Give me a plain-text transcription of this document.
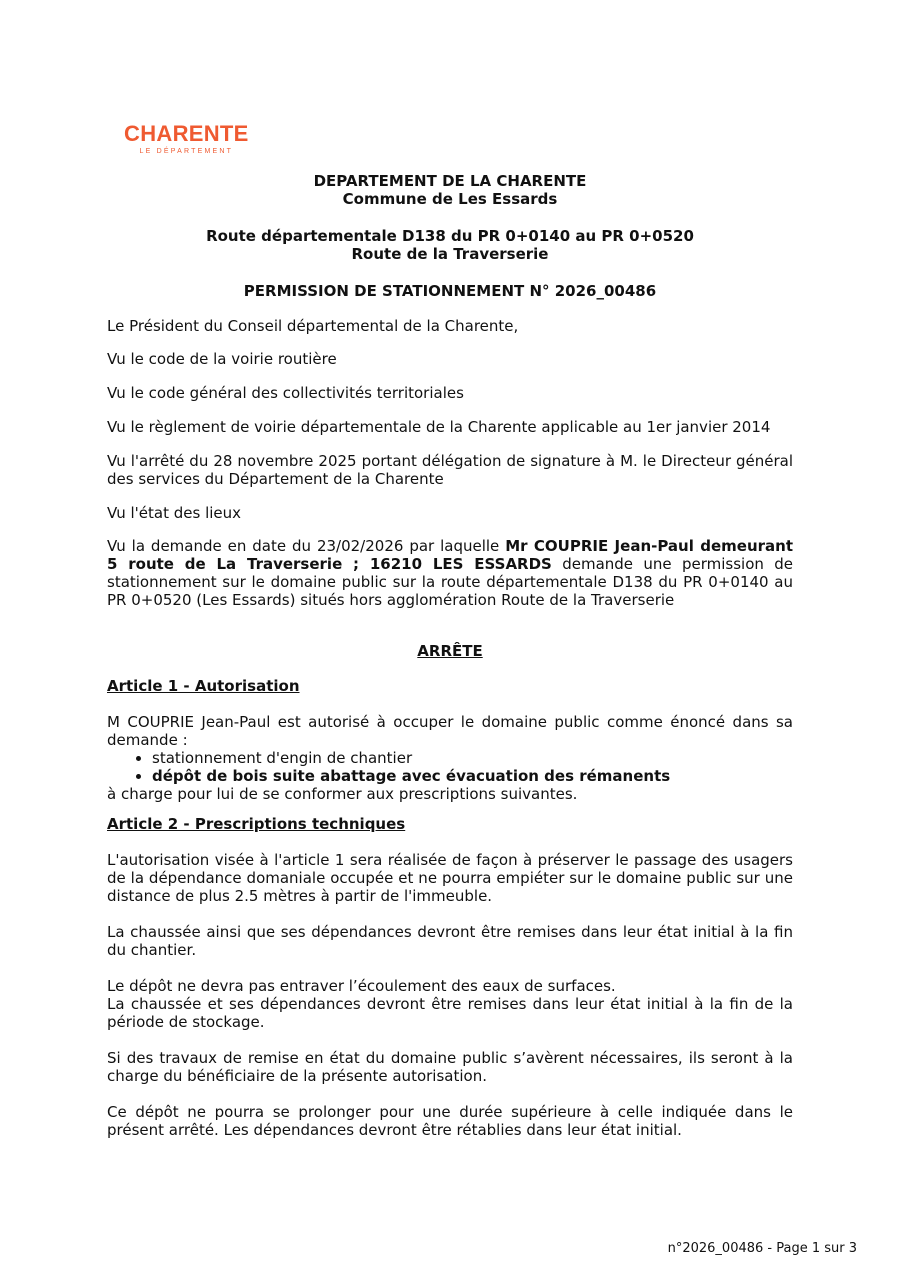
CHARENTE
LE DÉPARTEMENT

DEPARTEMENT DE LA CHARENTE

Commune de Les Essards

Route départementale D138 du PR 0+0140 au PR 0+0520

Route de la Traverserie

PERMISSION DE STATIONNEMENT N° 2026_00486

Le Président du Conseil départemental de la Charente,

Vu le code de la voirie routière

Vu le code général des collectivités territoriales

Vu le règlement de voirie départementale de la Charente applicable au 1er janvier 2014

Vu l'arrêté du 28 novembre 2025 portant délégation de signature à M. le Directeur général des services du Département de la Charente

Vu l'état des lieux

Vu la demande en date du 23/02/2026 par laquelle Mr COUPRIE Jean-Paul demeurant 5 route de La Traverserie ; 16210 LES ESSARDS demande une permission de stationnement sur le domaine public sur la route départementale D138 du PR 0+0140 au PR 0+0520 (Les Essards) situés hors agglomération Route de la Traverserie

ARRÊTE

Article 1 - Autorisation

M COUPRIE Jean-Paul est autorisé à occuper le domaine public comme énoncé dans sa demande :

• stationnement d'engin de chantier
• dépôt de bois suite abattage avec évacuation des rémanents

à charge pour lui de se conformer aux prescriptions suivantes.

Article 2 - Prescriptions techniques

L'autorisation visée à l'article 1 sera réalisée de façon à préserver le passage des usagers de la dépendance domaniale occupée et ne pourra empiéter sur le domaine public sur une distance de plus 2.5 mètres à partir de l'immeuble.

La chaussée ainsi que ses dépendances devront être remises dans leur état initial à la fin du chantier.

Le dépôt ne devra pas entraver l’écoulement des eaux de surfaces.

La chaussée et ses dépendances devront être remises dans leur état initial à la fin de la période de stockage.

Si des travaux de remise en état du domaine public s’avèrent nécessaires, ils seront à la charge du bénéficiaire de la présente autorisation.

Ce dépôt ne pourra se prolonger pour une durée supérieure à celle indiquée dans le présent arrêté. Les dépendances devront être rétablies dans leur état initial.

n°2026_00486 - Page 1 sur 3
